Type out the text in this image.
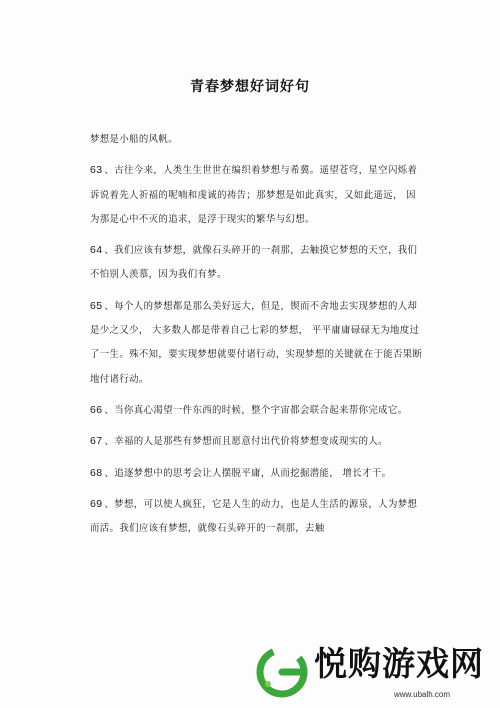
青春梦想好词好句

梦想是小船的风帆。

63 、古往今来，人类生生世世在编织着梦想与希冀。遥望苍穹，星空闪烁着诉说着先人祈福的呢喃和虔诚的祷告；那梦想是如此真实，又如此遥远， 因为那是心中不灭的追求，是浮于现实的繁华与幻想。

64 、我们应该有梦想，就像石头碎开的一刹那，去触摸它梦想的天空，我们不怕别人羡慕，因为我们有梦。

65 、每个人的梦想都是那么美好远大，但是，锲而不舍地去实现梦想的人却是少之又少， 大多数人都是带着自己七彩的梦想， 平平庸庸碌碌无为地度过了一生。殊不知，要实现梦想就要付诸行动，实现梦想的关键就在于能否果断地付诸行动。

66 、当你真心渴望一件东西的时候，整个宇宙都会联合起来帮你完成它。

67 、幸福的人是那些有梦想而且愿意付出代价将梦想变成现实的人。

68 、追逐梦想中的思考会让人摆脱平庸，从而挖掘潜能， 增长才干。

69 、梦想，可以使人疯狂，它是人生的动力，也是人生活的源泉，人为梦想而活。我们应该有梦想，就像石头碎开的一刹那，去触

悦购游戏网
www.ubalh.com
